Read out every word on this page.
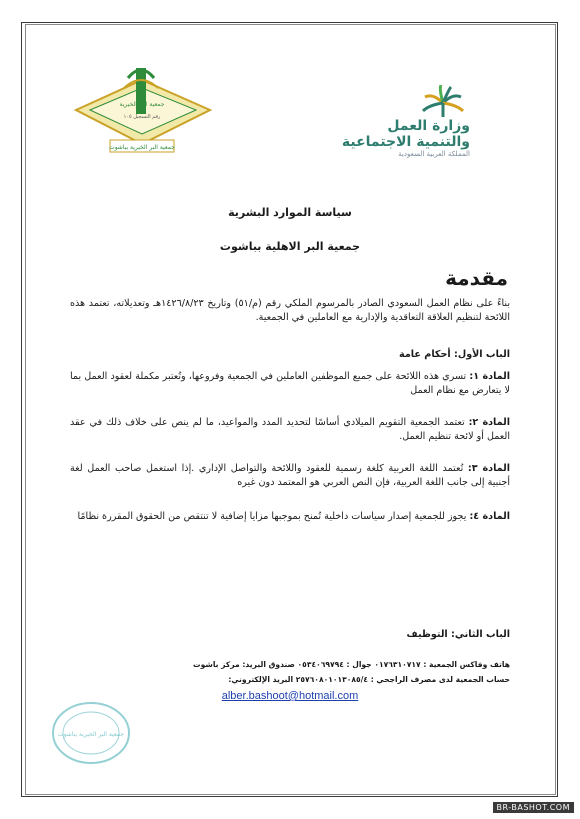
جمعية البر الخيرية
رقم التسجيل ١٠٥
جمعية البر الخيرية بباشوت
وزارة العمل
والتنمية الاجتماعية
المملكة العربية السعودية
سياسة الموارد البشرية
جمعية البر الاهلية بباشوت
مقدمة
بناءً على نظام العمل السعودي الصادر بالمرسوم الملكي رقم (م/٥١) وتاريخ ١٤٢٦/٨/٢٣هـ وتعديلاته، تعتمد هذه اللائحة لتنظيم العلاقة التعاقدية والإدارية مع العاملين في الجمعية.
الباب الأول: أحكام عامة
المادة ١: تسري هذه اللائحة على جميع الموظفين العاملين في الجمعية وفروعها، وتُعتبر مكملة لعقود العمل بما لا يتعارض مع نظام العمل
المادة ٢: تعتمد الجمعية التقويم الميلادي أساسًا لتحديد المدد والمواعيد، ما لم ينص على خلاف ذلك في عقد العمل أو لائحة تنظيم العمل.
المادة ٣: تُعتمد اللغة العربية كلغة رسمية للعقود واللائحة والتواصل الإداري .إذا استعمل صاحب العمل لغة أجنبية إلى جانب اللغة العربية، فإن النص العربي هو المعتمد دون غيره
المادة ٤: يجوز للجمعية إصدار سياسات داخلية تُمنح بموجبها مزايا إضافية لا تنتقص من الحقوق المقررة نظامًا
الباب الثاني: التوظيف
هاتف وفاكس الجمعية : ٠١٧٦٣١٠٧١٧ جوال : ٠٥٣٤٠٦٩٧٩٤ صندوق البريد: مركز باشوت
حساب الجمعية لدى مصرف الراجحي : ٢٥٧٦٠٨٠١٠١٣٠٨٥/٤ البريد الإلكتروني:
alber.bashoot@hotmail.com
جمعية البر الخيرية بباشوت
BR-BASHOT.COM
